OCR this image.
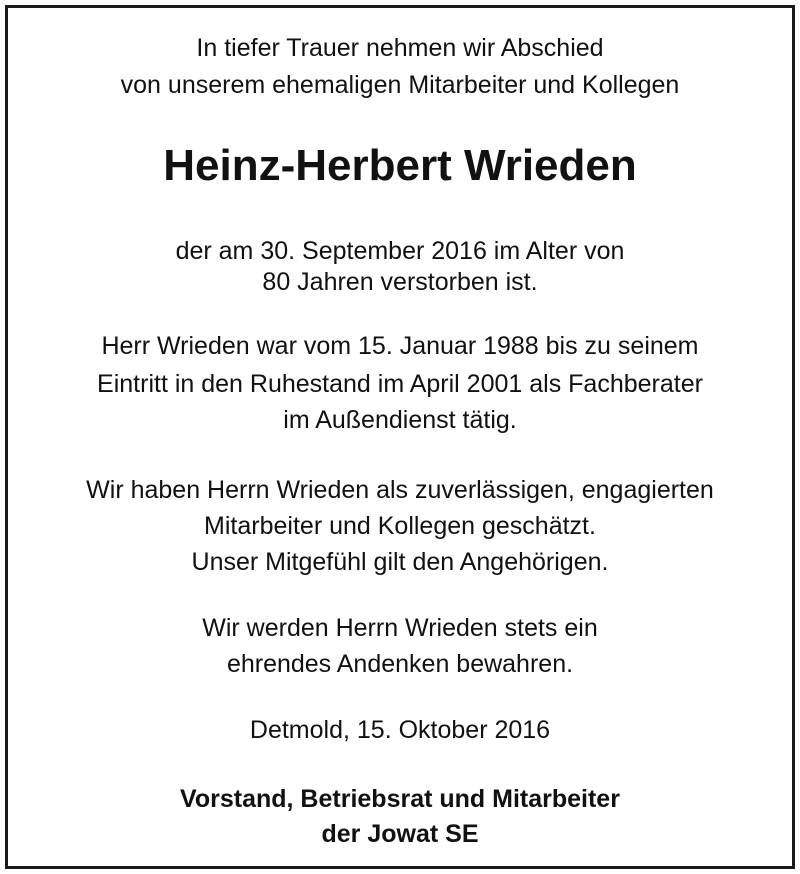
In tiefer Trauer nehmen wir Abschied
von unserem ehemaligen Mitarbeiter und Kollegen
Heinz-Herbert Wrieden
der am 30. September 2016 im Alter von
80 Jahren verstorben ist.
Herr Wrieden war vom 15. Januar 1988 bis zu seinem
Eintritt in den Ruhestand im April 2001 als Fachberater
im Außendienst tätig.
Wir haben Herrn Wrieden als zuverlässigen, engagierten
Mitarbeiter und Kollegen geschätzt.
Unser Mitgefühl gilt den Angehörigen.
Wir werden Herrn Wrieden stets ein
ehrendes Andenken bewahren.
Detmold, 15. Oktober 2016
Vorstand, Betriebsrat und Mitarbeiter
der Jowat SE
